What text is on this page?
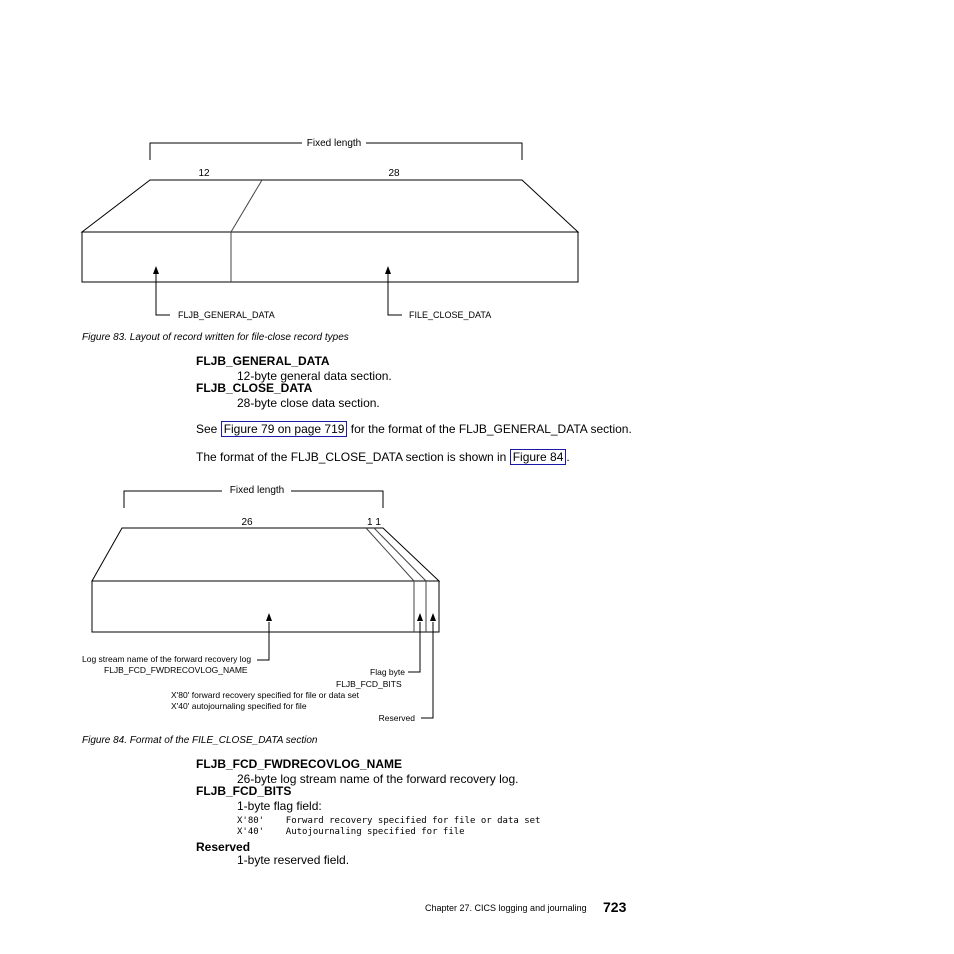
Fixed length
12	28
FLJB_GENERAL_DATA	FILE_CLOSE_DATA
Figure 83. Layout of record written for file-close record types
FLJB_GENERAL_DATA
12-byte general data section.
FLJB_CLOSE_DATA
28-byte close data section.
See Figure 79 on page 719 for the format of the FLJB_GENERAL_DATA section.
The format of the FLJB_CLOSE_DATA section is shown in Figure 84 .
Fixed length
26	1 1
Log stream name of the forward recovery log
FLJB_FCD_FWDRECOVLOG_NAME	Flag byte
FLJB_FCD_BITS
X'80' forward recovery specified for file or data set
X'40' autojournaling specified for file
Reserved
Figure 84. Format of the FILE_CLOSE_DATA section
FLJB_FCD_FWDRECOVLOG_NAME
26-byte log stream name of the forward recovery log.
FLJB_FCD_BITS
1-byte flag field:
X'80' Forward recovery specified for file or data set
X'40' Autojournaling specified for file
Reserved
1-byte reserved field.
Chapter 27. CICS logging and journaling 723
